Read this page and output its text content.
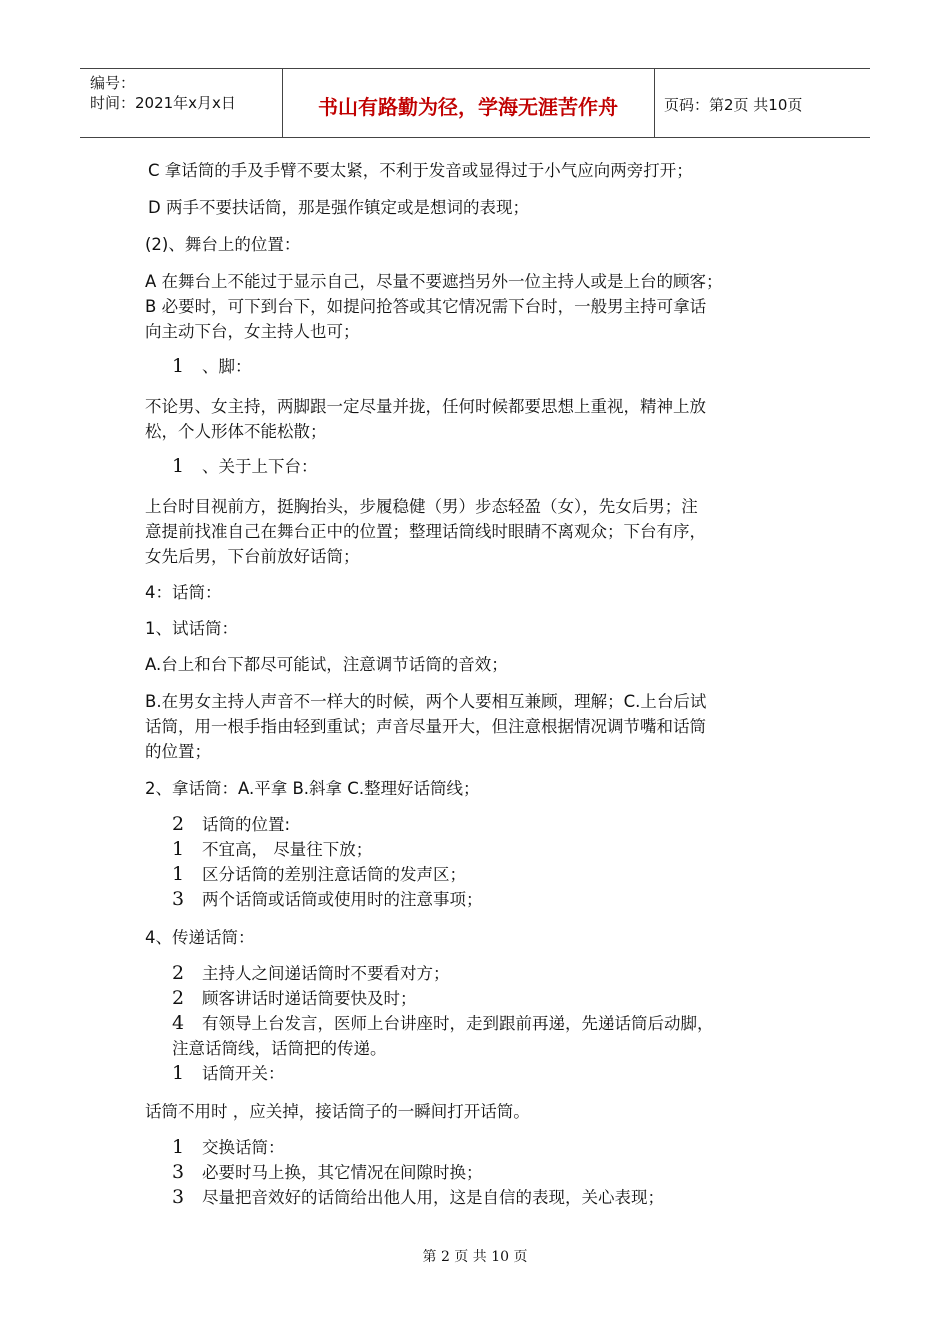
编号：
时间：2021年x月x日	书山有路勤为径，学海无涯苦作舟	页码：第2页 共10页
C 拿话筒的手及手臂不要太紧，不利于发音或显得过于小气应向两旁打开；
D 两手不要扶话筒，那是强作镇定或是想词的表现；
(2)、舞台上的位置：
A 在舞台上不能过于显示自己，尽量不要遮挡另外一位主持人或是上台的顾客；
B 必要时，可下到台下，如提问抢答或其它情况需下台时，一般男主持可拿话
向主动下台，女主持人也可；
1 、脚：
不论男、女主持，两脚跟一定尽量并拢，任何时候都要思想上重视，精神上放
松，个人形体不能松散；
1 、关于上下台：
上台时目视前方，挺胸抬头，步履稳健（男）步态轻盈（女），先女后男；注
意提前找准自己在舞台正中的位置；整理话筒线时眼睛不离观众；下台有序，
女先后男，下台前放好话筒；
4：话筒：
1、试话筒：
A.台上和台下都尽可能试，注意调节话筒的音效；
B.在男女主持人声音不一样大的时候，两个人要相互兼顾，理解；C.上台后试
话筒，用一根手指由轻到重试；声音尽量开大，但注意根据情况调节嘴和话筒
的位置；
2、拿话筒：A.平拿 B.斜拿 C.整理好话筒线；
2 话筒的位置:
1 不宜高， 尽量往下放；
1 区分话筒的差别注意话筒的发声区；
3 两个话筒或话筒或使用时的注意事项；
4、传递话筒：
2 主持人之间递话筒时不要看对方；
2 顾客讲话时递话筒要快及时；
4 有领导上台发言，医师上台讲座时，走到跟前再递，先递话筒后动脚，
注意话筒线，话筒把的传递。
1 话筒开关：
话筒不用时 ，应关掉，接话筒子的一瞬间打开话筒。
1 交换话筒：
3 必要时马上换，其它情况在间隙时换；
3 尽量把音效好的话筒给出他人用，这是自信的表现，关心表现；
第 2 页 共 10 页
